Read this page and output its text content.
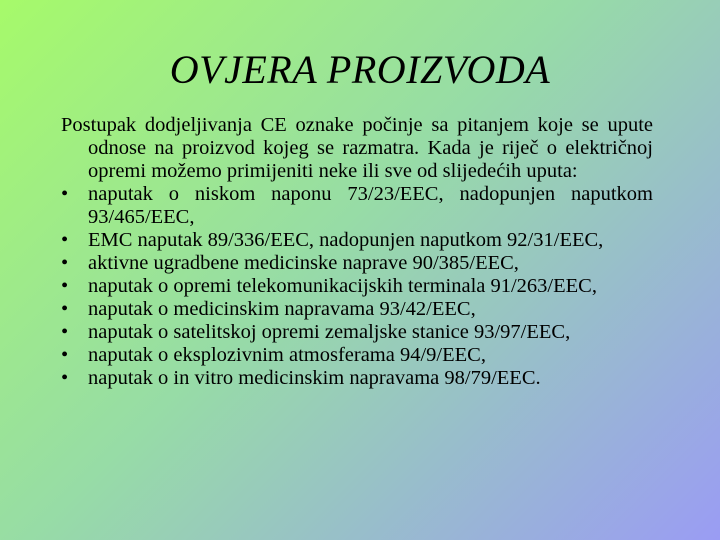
OVJERA PROIZVODA

Postupak dodjeljivanja CE oznake počinje sa pitanjem koje se upute odnose na proizvod kojeg se razmatra. Kada je riječ o električnoj opremi možemo primijeniti neke ili sve od slijedećih uputa:

• naputak o niskom naponu 73/23/EEC, nadopunjen naputkom 93/465/EEC,
• EMC naputak 89/336/EEC, nadopunjen naputkom 92/31/EEC,
• aktivne ugradbene medicinske naprave 90/385/EEC,
• naputak o opremi telekomunikacijskih terminala 91/263/EEC,
• naputak o medicinskim napravama 93/42/EEC,
• naputak o satelitskoj opremi zemaljske stanice 93/97/EEC,
• naputak o eksplozivnim atmosferama 94/9/EEC,
• naputak o in vitro medicinskim napravama 98/79/EEC.
